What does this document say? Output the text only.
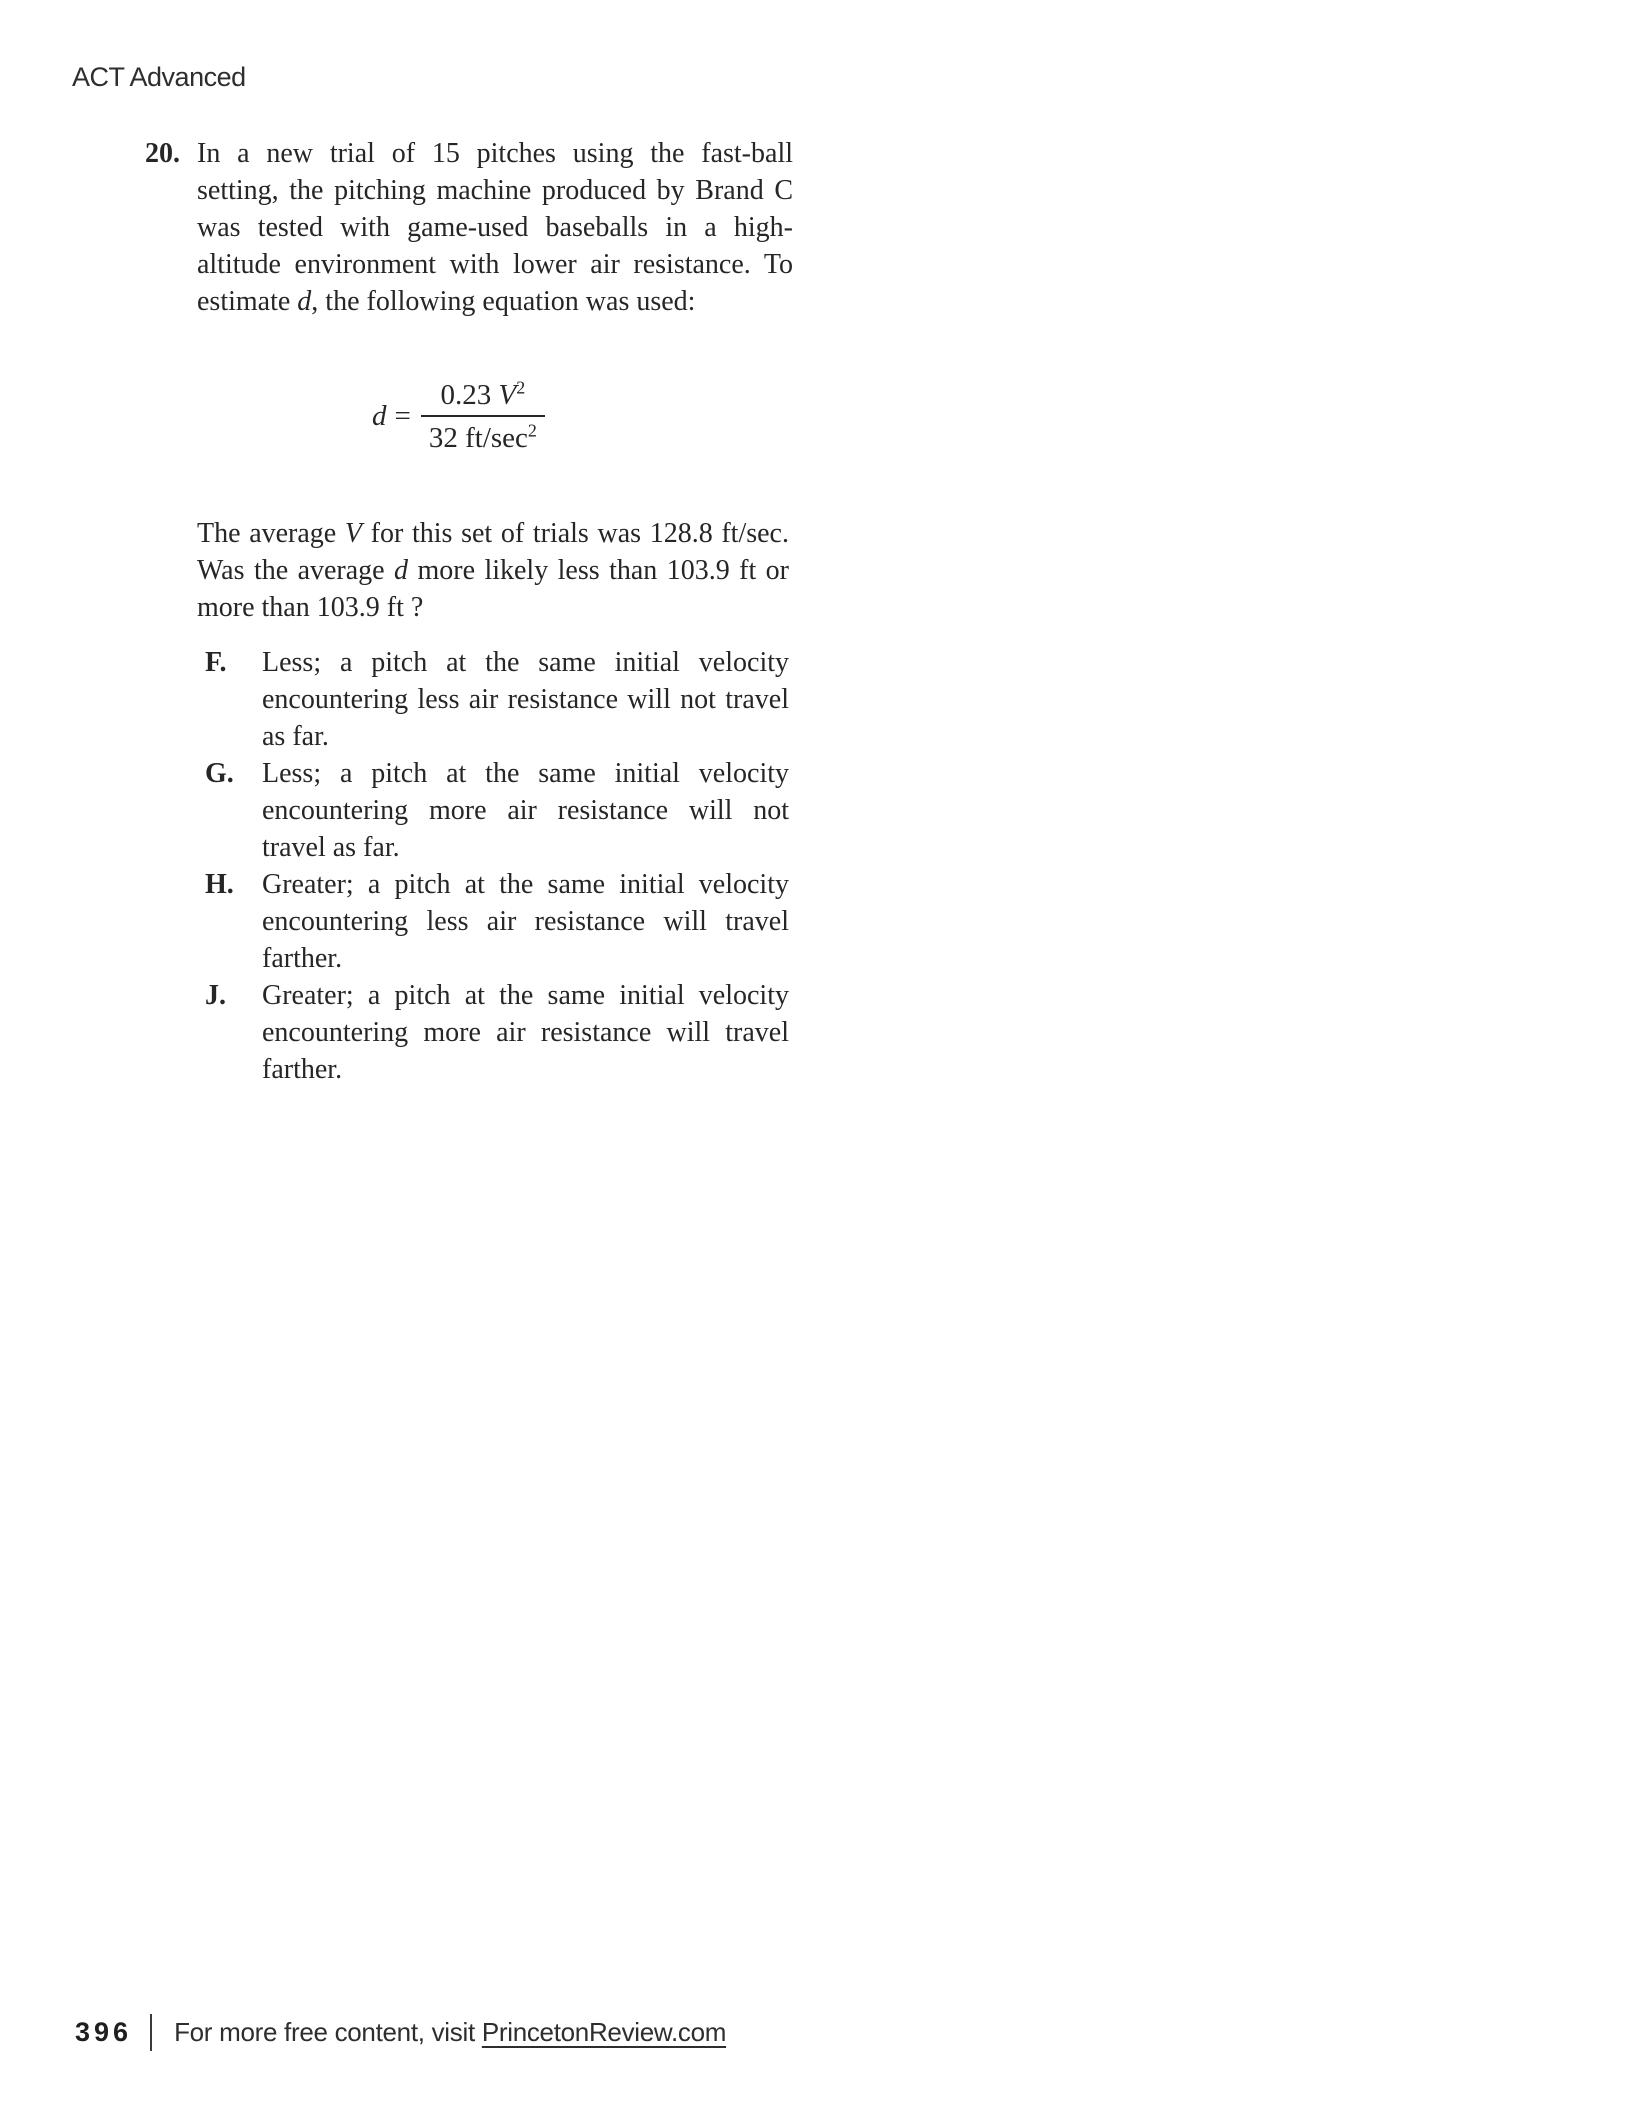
ACT Advanced
20. In a new trial of 15 pitches using the fast-ball setting, the pitching machine produced by Brand C was tested with game-used baseballs in a high-altitude environment with lower air resistance. To estimate d, the following equation was used:
$d = \frac{0.23 V^2}{32 ft/\sec^2}$
The average V for this set of trials was 128.8 ft/sec. Was the average d more likely less than 103.9 ft or more than 103.9 ft ?
F.	Less; a pitch at the same initial velocity encountering less air resistance will not travel as far.
G.	Less; a pitch at the same initial velocity encountering more air resistance will not travel as far.
H.	Greater; a pitch at the same initial velocity encountering less air resistance will travel farther.
J.	Greater; a pitch at the same initial velocity encountering more air resistance will travel farther.
396 For more free content, visit PrincetonReview.com
